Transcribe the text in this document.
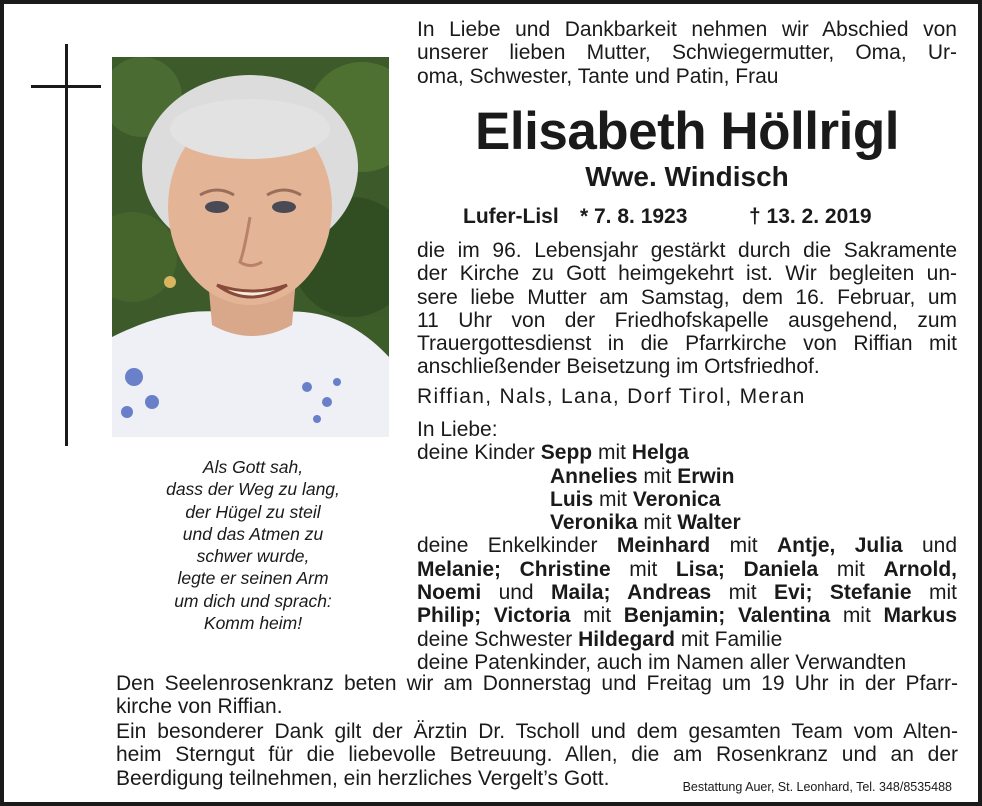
Als Gott sah,
dass der Weg zu lang,
der Hügel zu steil
und das Atmen zu
schwer wurde,
legte er seinen Arm
um dich und sprach:
Komm heim!
In Liebe und Dankbarkeit nehmen wir Abschied von
unserer lieben Mutter, Schwiegermutter, Oma, Ur-
oma, Schwester, Tante und Patin, Frau
Elisabeth Höllrigl
Wwe. Windisch
Lufer-Lisl * 7. 8. 1923	† 13. 2. 2019
die im 96. Lebensjahr gestärkt durch die Sakramente
der Kirche zu Gott heimgekehrt ist. Wir begleiten un-
sere liebe Mutter am Samstag, dem 16. Februar, um
11 Uhr von der Friedhofskapelle ausgehend, zum
Trauergottesdienst in die Pfarrkirche von Riffian mit
anschließender Beisetzung im Ortsfriedhof.
Riffian, Nals, Lana, Dorf Tirol, Meran
In Liebe:
deine Kinder Sepp mit Helga
Annelies mit Erwin
Luis mit Veronica
Veronika mit Walter
deine Enkelkinder Meinhard mit Antje, Julia und
Melanie; Christine mit Lisa; Daniela mit Arnold,
Noemi und Maila; Andreas mit Evi; Stefanie mit
Philip; Victoria mit Benjamin; Valentina mit Markus
deine Schwester Hildegard mit Familie
deine Patenkinder, auch im Namen aller Verwandten
Den Seelenrosenkranz beten wir am Donnerstag und Freitag um 19 Uhr in der Pfarr-
kirche von Riffian.
Ein besonderer Dank gilt der Ärztin Dr. Tscholl und dem gesamten Team vom Alten-
heim Sterngut für die liebevolle Betreuung. Allen, die am Rosenkranz und an der
Beerdigung teilnehmen, ein herzliches Vergelt’s Gott.	Bestattung Auer, St. Leonhard, Tel. 348/8535488
